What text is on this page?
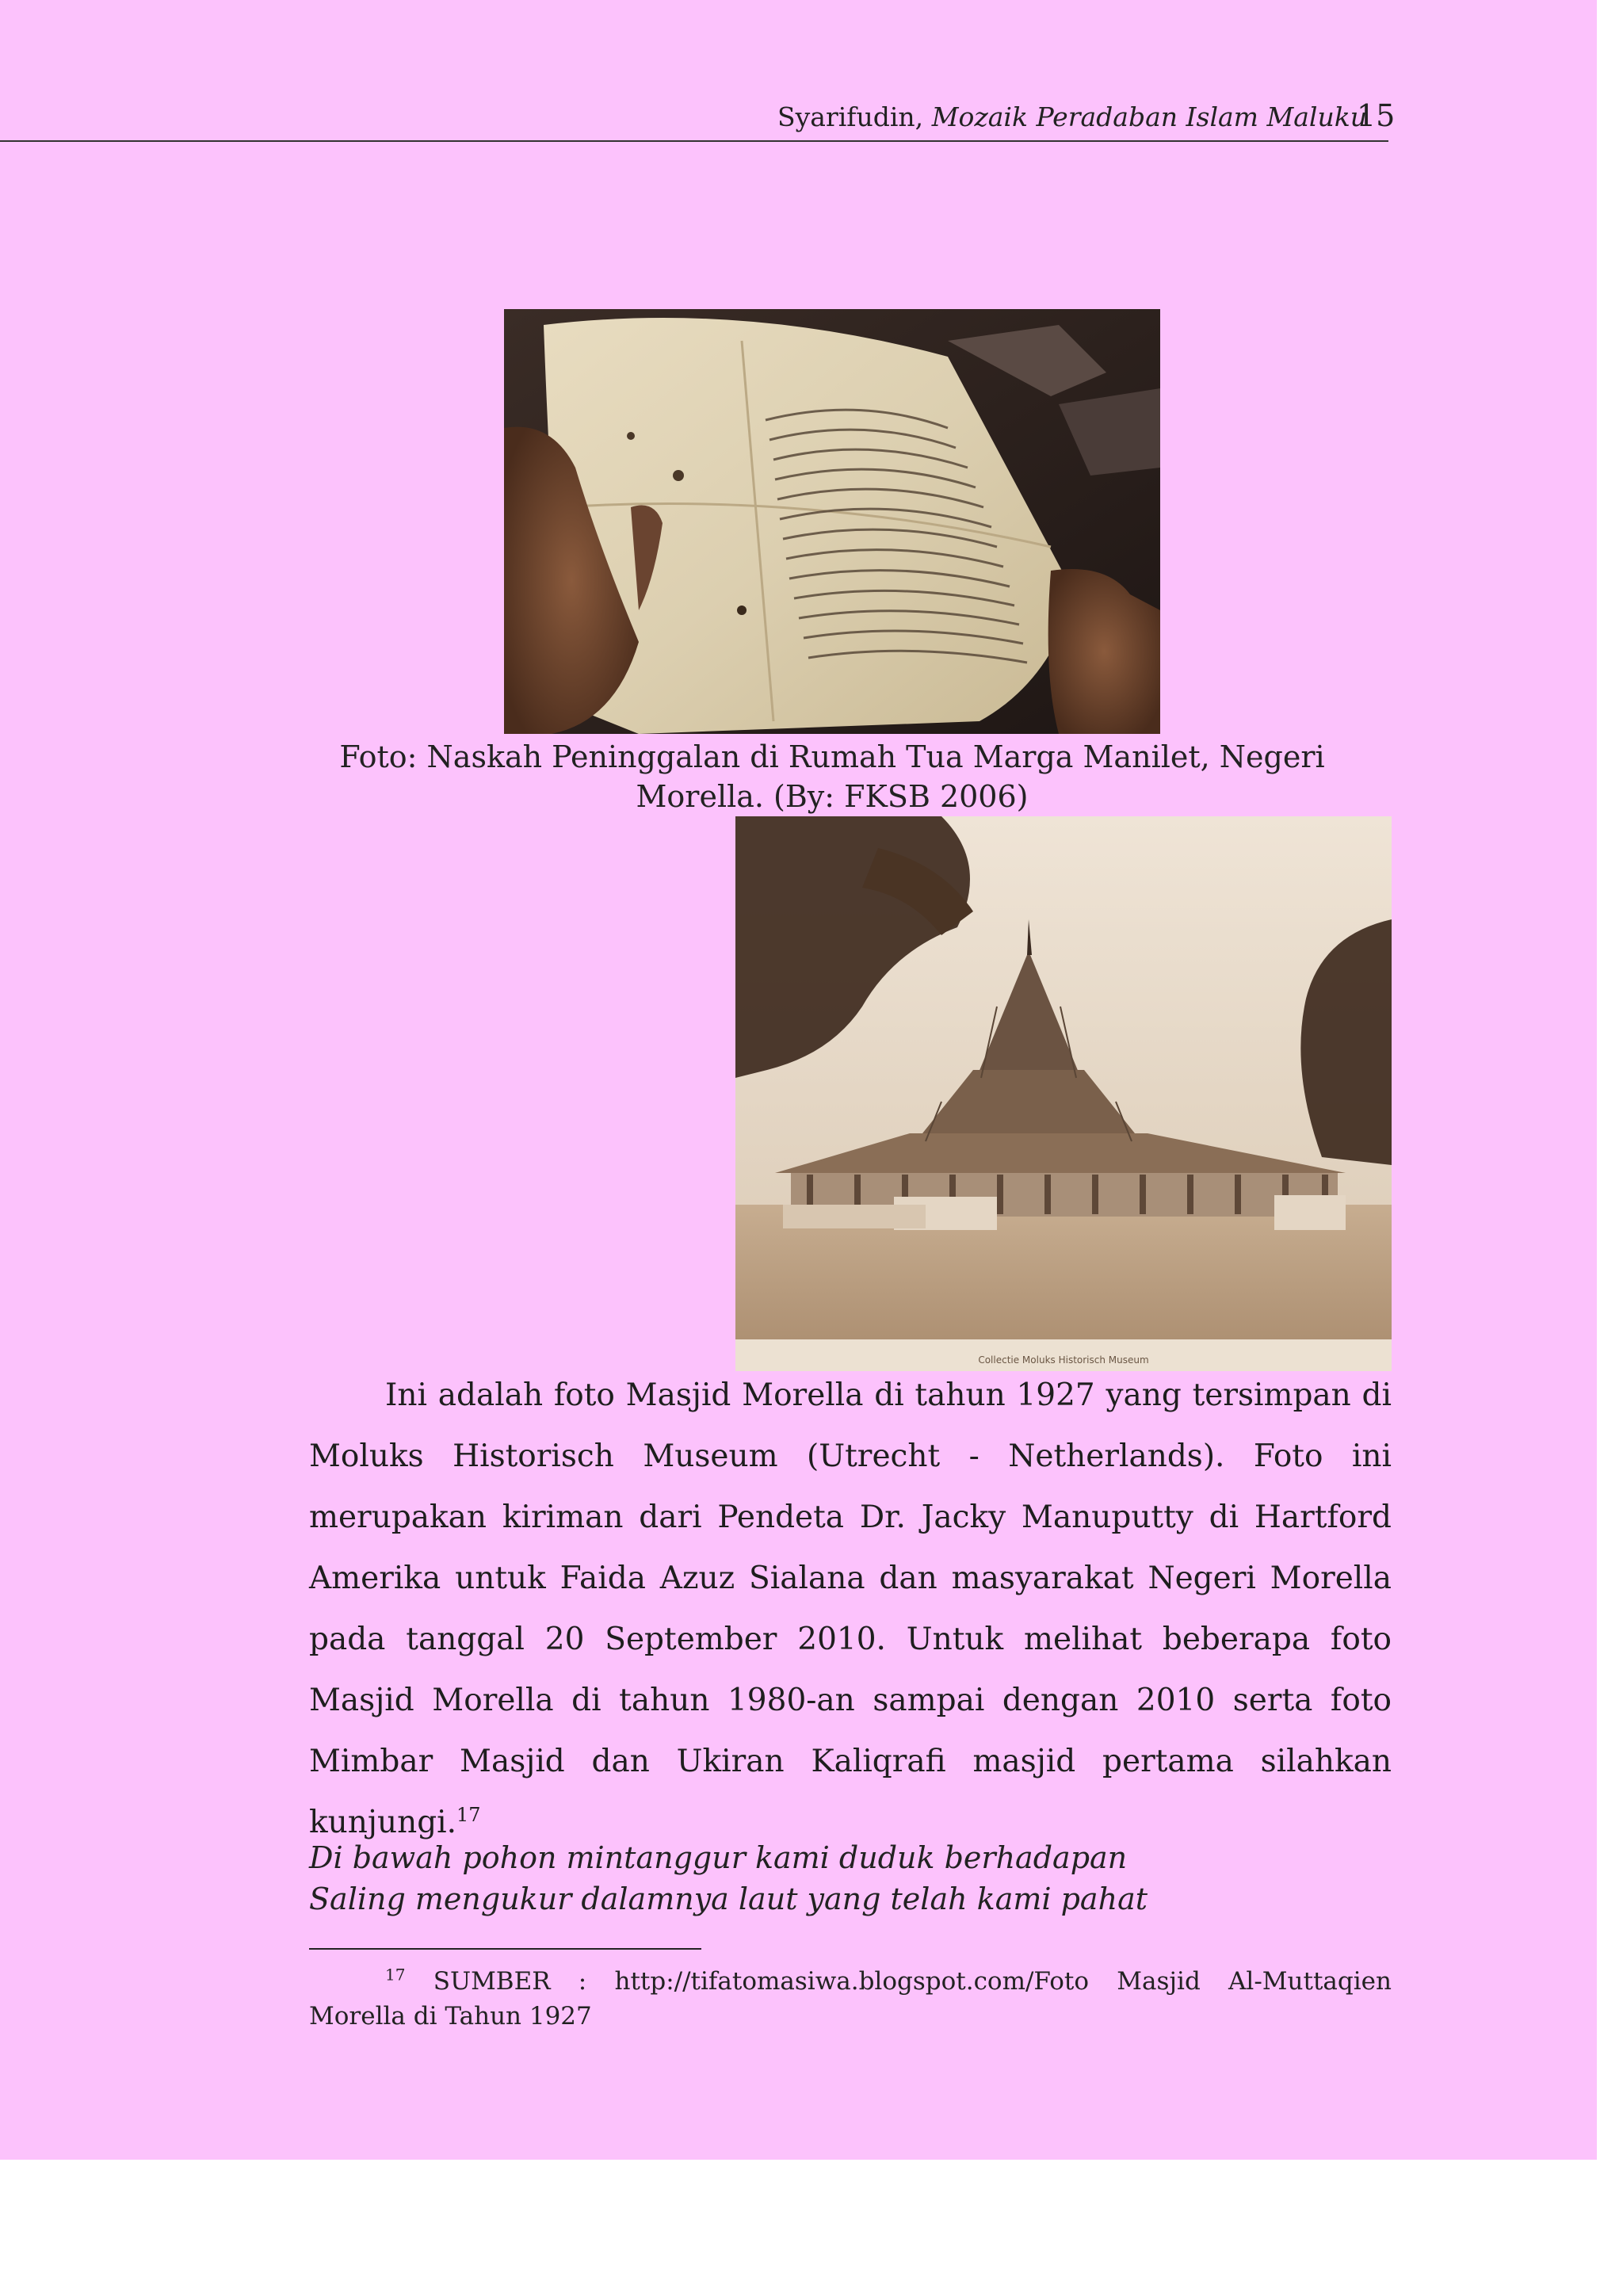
Syarifudin, Mozaik Peradaban Islam Maluku
15
Foto: Naskah Peninggalan di Rumah Tua Marga Manilet, Negeri
Morella. (By: FKSB 2006)
Collectie Moluks Historisch Museum
Ini adalah foto Masjid Morella di tahun 1927 yang tersimpan di Moluks Historisch Museum (Utrecht - Netherlands). Foto ini merupakan kiriman dari Pendeta Dr. Jacky Manuputty di Hartford Amerika untuk Faida Azuz Sialana dan masyarakat Negeri Morella pada tanggal 20 September 2010. Untuk melihat beberapa foto Masjid Morella di tahun 1980-an sampai dengan 2010 serta foto Mimbar Masjid dan Ukiran Kaliqrafi masjid pertama silahkan kunjungi.$^{17}$
Di bawah pohon mintanggur kami duduk berhadapan
Saling mengukur dalamnya laut yang telah kami pahat
$^{17}$ SUMBER : http://tifatomasiwa.blogspot.com/Foto Masjid Al-Muttaqien Morella di Tahun 1927
